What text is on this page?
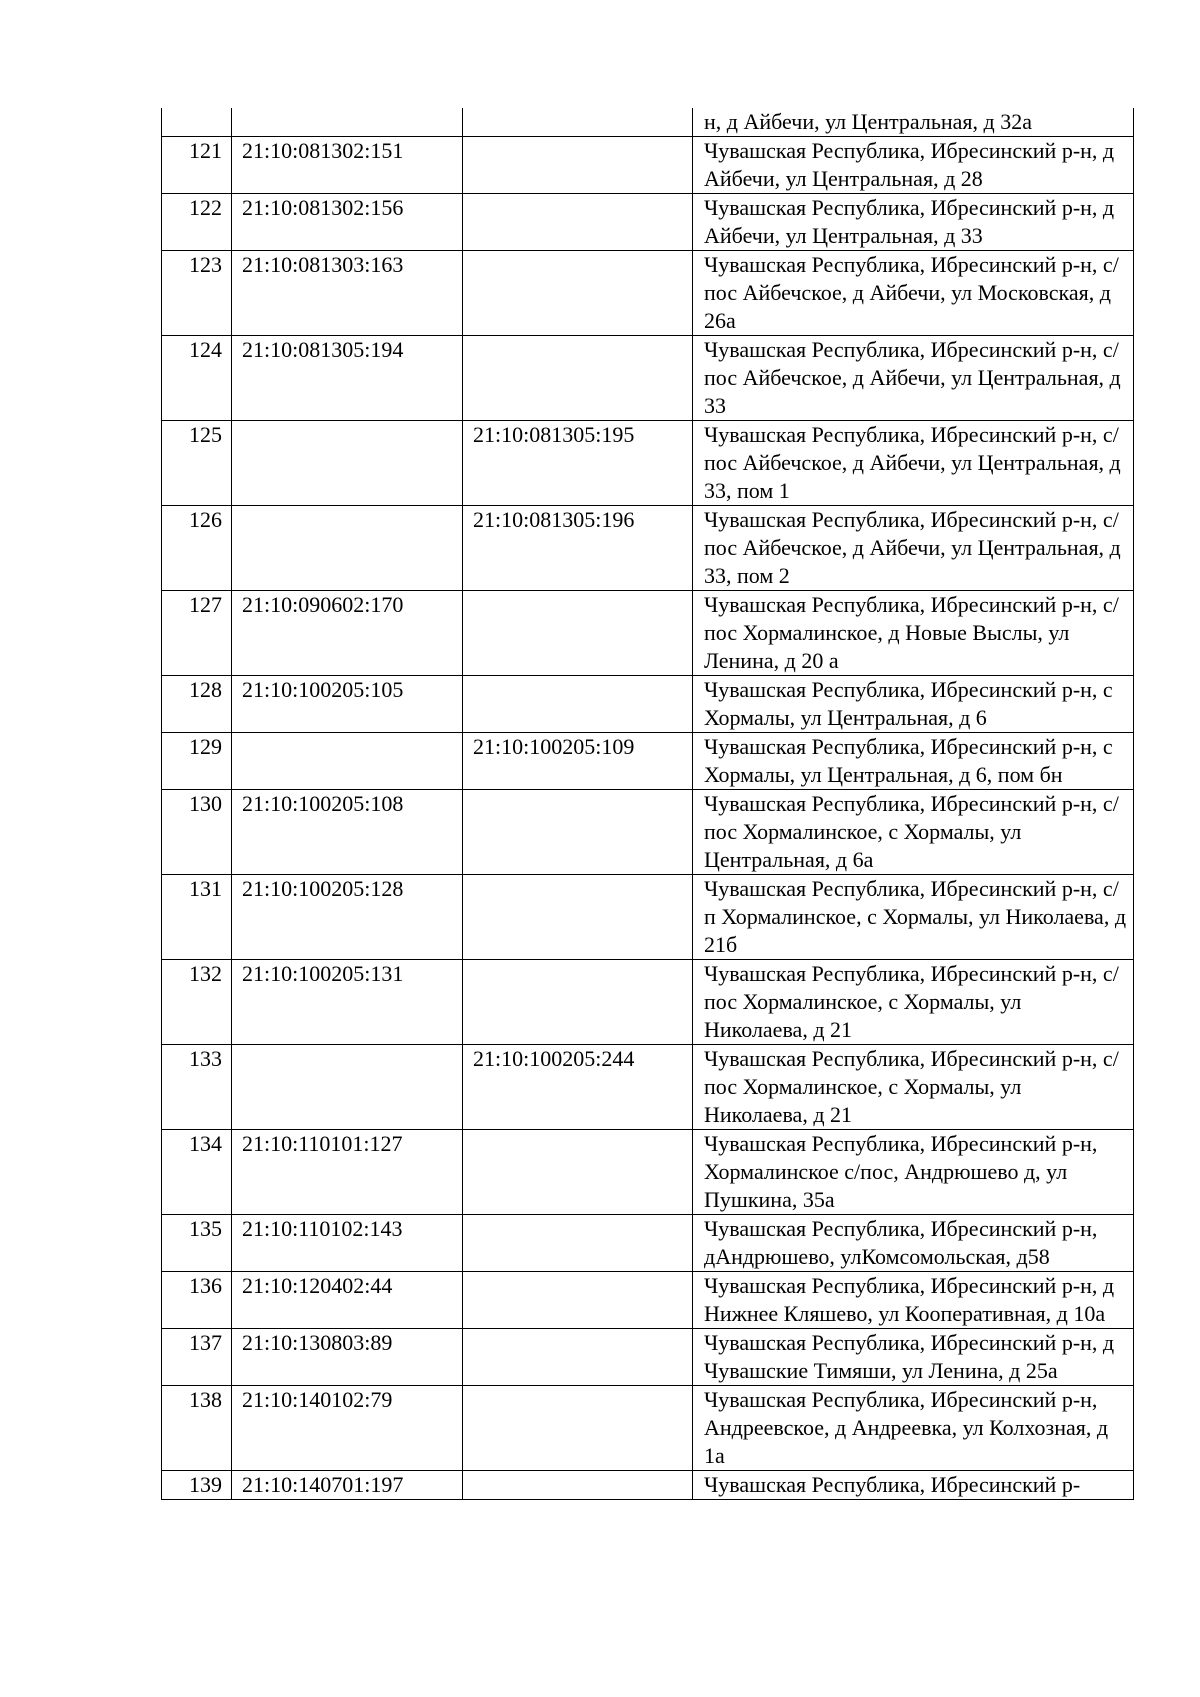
			н, д Айбечи, ул Центральная, д 32а
121	21:10:081302:151		Чувашская Республика, Ибресинский р-н, д Айбечи, ул Центральная, д 28
122	21:10:081302:156		Чувашская Республика, Ибресинский р-н, д Айбечи, ул Центральная, д 33
123	21:10:081303:163		Чувашская Республика, Ибресинский р-н, с/пос Айбечское, д Айбечи, ул Московская, д 26а
124	21:10:081305:194		Чувашская Республика, Ибресинский р-н, с/пос Айбечское, д Айбечи, ул Центральная, д 33
125		21:10:081305:195	Чувашская Республика, Ибресинский р-н, с/пос Айбечское, д Айбечи, ул Центральная, д 33, пом 1
126		21:10:081305:196	Чувашская Республика, Ибресинский р-н, с/пос Айбечское, д Айбечи, ул Центральная, д 33, пом 2
127	21:10:090602:170		Чувашская Республика, Ибресинский р-н, с/пос Хормалинское, д Новые Выслы, ул Ленина, д 20 а
128	21:10:100205:105		Чувашская Республика, Ибресинский р-н, с Хормалы, ул Центральная, д 6
129		21:10:100205:109	Чувашская Республика, Ибресинский р-н, с Хормалы, ул Центральная, д 6, пом бн
130	21:10:100205:108		Чувашская Республика, Ибресинский р-н, с/пос Хормалинское, с Хормалы, ул Центральная, д 6а
131	21:10:100205:128		Чувашская Республика, Ибресинский р-н, с/п Хормалинское, с Хормалы, ул Николаева, д 21б
132	21:10:100205:131		Чувашская Республика, Ибресинский р-н, с/пос Хормалинское, с Хормалы, ул Николаева, д 21
133		21:10:100205:244	Чувашская Республика, Ибресинский р-н, с/пос Хормалинское, с Хормалы, ул Николаева, д 21
134	21:10:110101:127		Чувашская Республика, Ибресинский р-н, Хормалинское с/пос, Андрюшево д, ул Пушкина, 35а
135	21:10:110102:143		Чувашская Республика, Ибресинский р-н, дАндрюшево, улКомсомольская, д58
136	21:10:120402:44		Чувашская Республика, Ибресинский р-н, д Нижнее Кляшево, ул Кооперативная, д 10а
137	21:10:130803:89		Чувашская Республика, Ибресинский р-н, д Чувашские Тимяши, ул Ленина, д 25а
138	21:10:140102:79		Чувашская Республика, Ибресинский р-н, Андреевское, д Андреевка, ул Колхозная, д 1а
139	21:10:140701:197		Чувашская Республика, Ибресинский р-
